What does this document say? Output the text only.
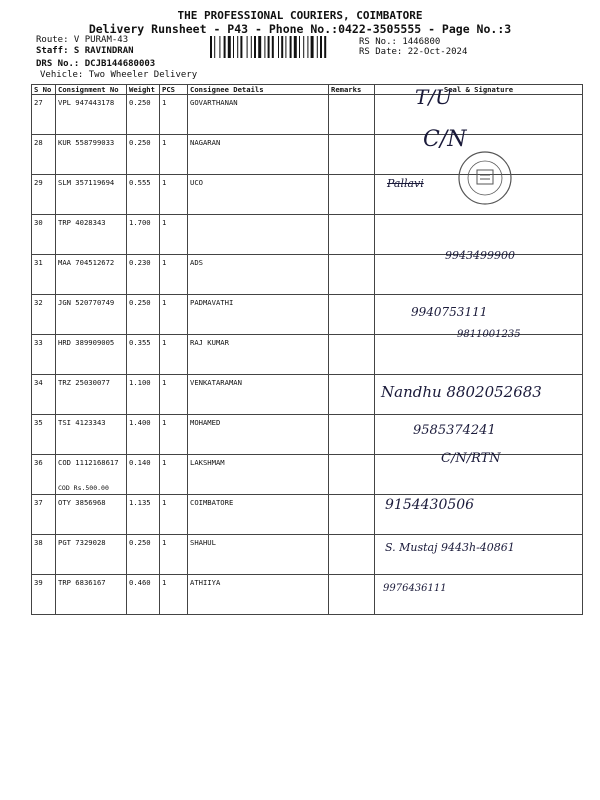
THE PROFESSIONAL COURIERS, COIMBATORE
Delivery Runsheet - P43 - Phone No.:0422-3505555 - Page No.:3
Route: V PURAM-43
Staff: S RAVINDRAN
DRS No.: DCJB144680003
Vehicle: Two Wheeler Delivery
RS No.: 1446800
RS Date: 22-Oct-2024
S No	Consignment No	Weight	PCS	Consignee Details	Remarks	Seal & Signature
27	VPL 947443178	0.250	1	GOVARTHANAN		T/U

28	KUR 558799033	0.250	1	NAGARAN		C/N

29	SLM 357119694	0.555	1	UCO		Pallavi

30	TRP 4028343	1.700	1			

31	MAA 704512672	0.230	1	ADS		9943499900

32	JGN 520770749	0.250	1	PADMAVATHI		9940753111

33	HRD 389909005	0.355	1	RAJ KUMAR		9811001235

34	TRZ 25030077	1.100	1	VENKATARAMAN		Nandhu 8802052683

35	TSI 4123343	1.400	1	MOHAMED		9585374241

36	COD 1112168617
COD Rs.500.00	0.140	1	LAKSHMAM		C/N/RTN

37	OTY 3856968	1.135	1	COIMBATORE		9154430506

38	PGT 7329028	0.250	1	SHAHUL		S. Mustaj 9443h-40861

39	TRP 6836167	0.460	1	ATHIIYA		9976436111
